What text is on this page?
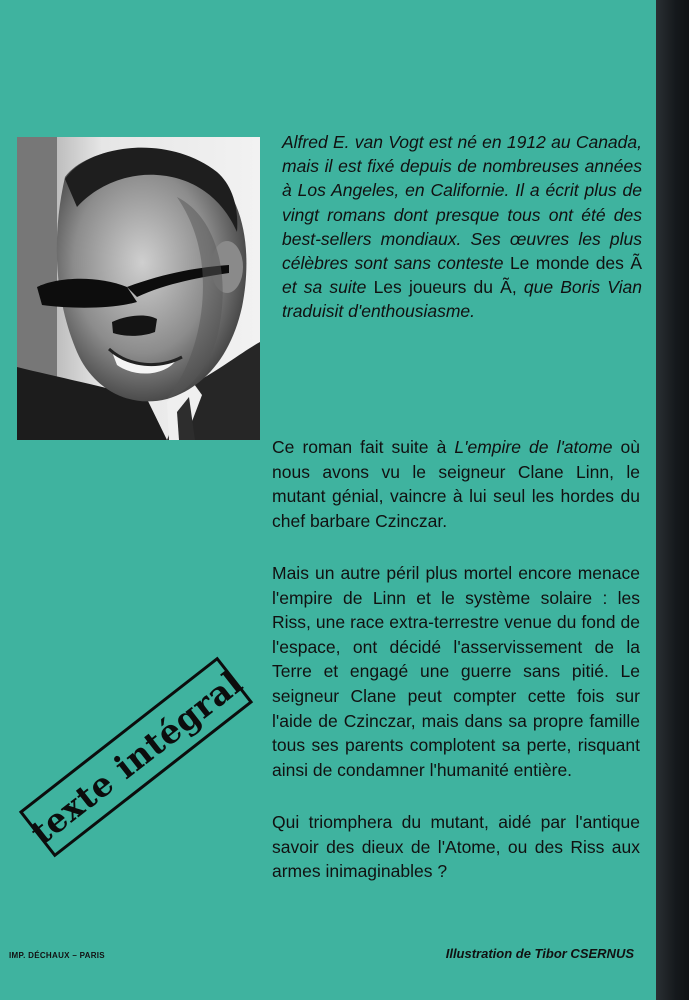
Alfred E. van Vogt est né en 1912 au Canada, mais il est fixé depuis de nombreuses années à Los Angeles, en Californie. Il a écrit plus de vingt romans dont presque tous ont été des best-sellers mondiaux. Ses œuvres les plus célèbres sont sans conteste Le monde des Ã et sa suite Les joueurs du Ã, que Boris Vian traduisit d'enthousiasme.

Ce roman fait suite à L'empire de l'atome où nous avons vu le seigneur Clane Linn, le mutant génial, vaincre à lui seul les hordes du chef barbare Czinczar.

Mais un autre péril plus mortel encore menace l'empire de Linn et le système solaire : les Riss, une race extra-terrestre venue du fond de l'espace, ont décidé l'asservissement de la Terre et engagé une guerre sans pitié. Le seigneur Clane peut compter cette fois sur l'aide de Czinczar, mais dans sa propre famille tous ses parents complotent sa perte, risquant ainsi de condamner l'humanité entière.

Qui triomphera du mutant, aidé par l'antique savoir des dieux de l'Atome, ou des Riss aux armes inimaginables ?

texte intégral
IMP. DÉCHAUX – PARIS	Illustration de Tibor CSERNUS
